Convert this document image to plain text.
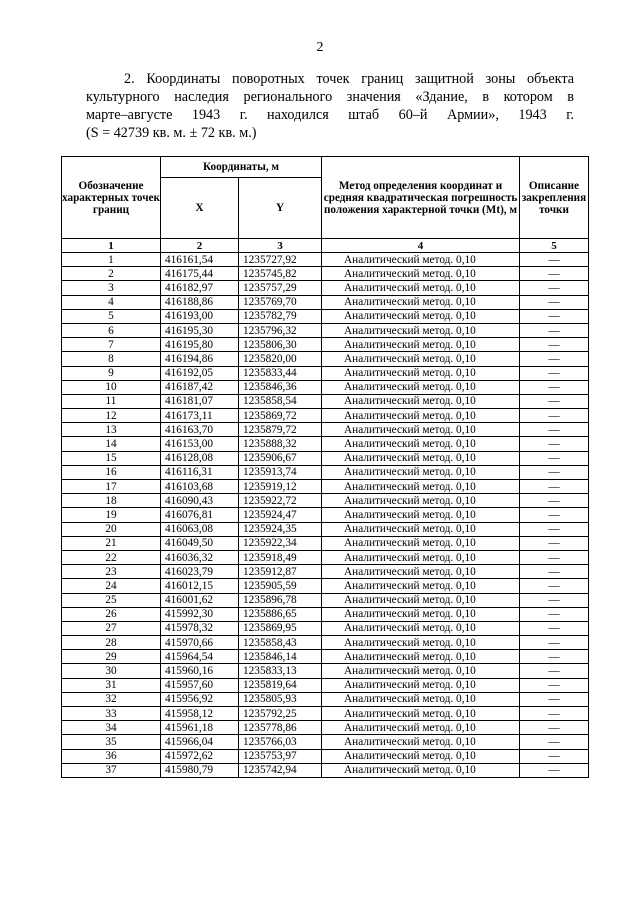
2
2. Координаты поворотных точек границ защитной зоны объекта
культурного наследия регионального значения «Здание, в котором в
марте–августе 1943 г. находился штаб 60–й Армии», 1943 г.
(S = 42739 кв. м. ± 72 кв. м.)
Обозначение характерных точек границ	Координаты, м		Метод определения координат и средняя квадратическая погрешность положения характерной точки (Mt), м	Описание закрепления точки
	X	Y		
1	2	3	4	5
1	416161,54	1235727,92	Аналитический метод. 0,10	—
2	416175,44	1235745,82	Аналитический метод. 0,10	—
3	416182,97	1235757,29	Аналитический метод. 0,10	—
4	416188,86	1235769,70	Аналитический метод. 0,10	—
5	416193,00	1235782,79	Аналитический метод. 0,10	—
6	416195,30	1235796,32	Аналитический метод. 0,10	—
7	416195,80	1235806,30	Аналитический метод. 0,10	—
8	416194,86	1235820,00	Аналитический метод. 0,10	—
9	416192,05	1235833,44	Аналитический метод. 0,10	—
10	416187,42	1235846,36	Аналитический метод. 0,10	—
11	416181,07	1235858,54	Аналитический метод. 0,10	—
12	416173,11	1235869,72	Аналитический метод. 0,10	—
13	416163,70	1235879,72	Аналитический метод. 0,10	—
14	416153,00	1235888,32	Аналитический метод. 0,10	—
15	416128,08	1235906,67	Аналитический метод. 0,10	—
16	416116,31	1235913,74	Аналитический метод. 0,10	—
17	416103,68	1235919,12	Аналитический метод. 0,10	—
18	416090,43	1235922,72	Аналитический метод. 0,10	—
19	416076,81	1235924,47	Аналитический метод. 0,10	—
20	416063,08	1235924,35	Аналитический метод. 0,10	—
21	416049,50	1235922,34	Аналитический метод. 0,10	—
22	416036,32	1235918,49	Аналитический метод. 0,10	—
23	416023,79	1235912,87	Аналитический метод. 0,10	—
24	416012,15	1235905,59	Аналитический метод. 0,10	—
25	416001,62	1235896,78	Аналитический метод. 0,10	—
26	415992,30	1235886,65	Аналитический метод. 0,10	—
27	415978,32	1235869,95	Аналитический метод. 0,10	—
28	415970,66	1235858,43	Аналитический метод. 0,10	—
29	415964,54	1235846,14	Аналитический метод. 0,10	—
30	415960,16	1235833,13	Аналитический метод. 0,10	—
31	415957,60	1235819,64	Аналитический метод. 0,10	—
32	415956,92	1235805,93	Аналитический метод. 0,10	—
33	415958,12	1235792,25	Аналитический метод. 0,10	—
34	415961,18	1235778,86	Аналитический метод. 0,10	—
35	415966,04	1235766,03	Аналитический метод. 0,10	—
36	415972,62	1235753,97	Аналитический метод. 0,10	—
37	415980,79	1235742,94	Аналитический метод. 0,10	—
